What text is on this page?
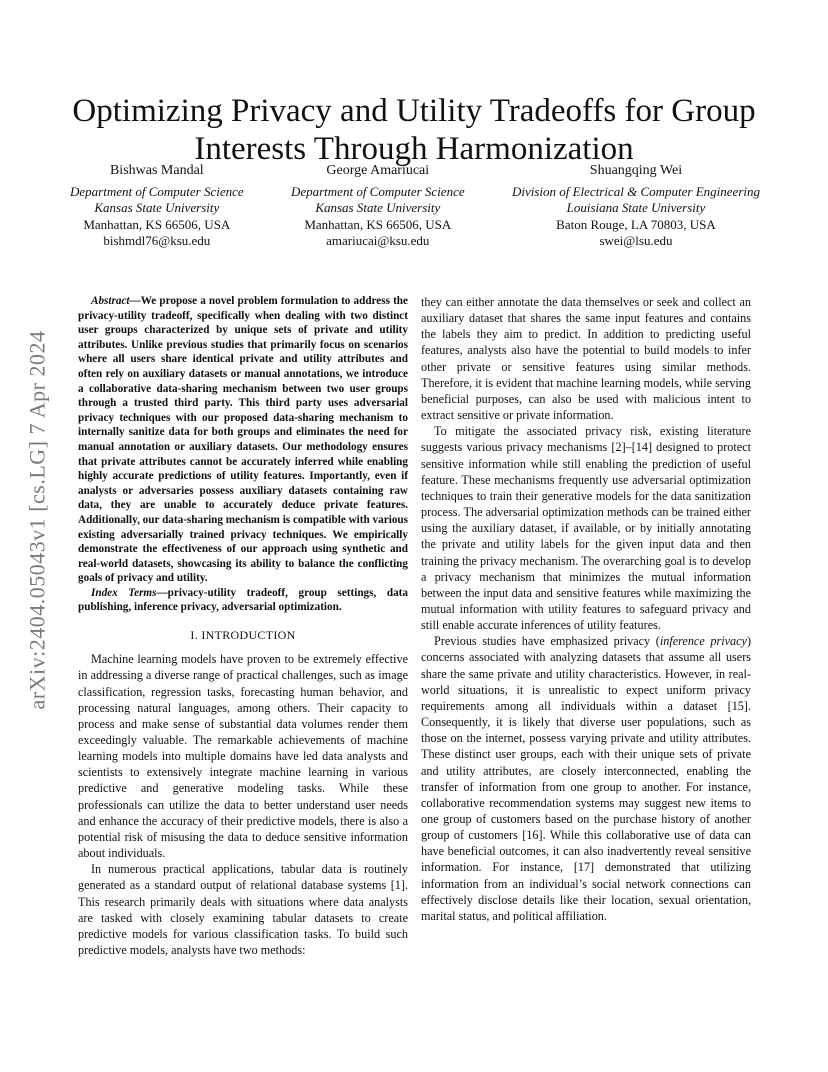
arXiv:2404.05043v1 [cs.LG] 7 Apr 2024
Optimizing Privacy and Utility Tradeoffs for Group Interests Through Harmonization
Bishwas Mandal
Department of Computer Science
Kansas State University
Manhattan, KS 66506, USA
bishmdl76@ksu.edu
George Amariucai
Department of Computer Science
Kansas State University
Manhattan, KS 66506, USA
amariucai@ksu.edu
Shuangqing Wei
Division of Electrical & Computer Engineering
Louisiana State University
Baton Rouge, LA 70803, USA
swei@lsu.edu

Abstract—We propose a novel problem formulation to address the privacy-utility tradeoff, specifically when dealing with two distinct user groups characterized by unique sets of private and utility attributes. Unlike previous studies that primarily focus on scenarios where all users share identical private and utility attributes and often rely on auxiliary datasets or manual annotations, we introduce a collaborative data-sharing mechanism between two user groups through a trusted third party. This third party uses adversarial privacy techniques with our proposed data-sharing mechanism to internally sanitize data for both groups and eliminates the need for manual annotation or auxiliary datasets. Our methodology ensures that private attributes cannot be accurately inferred while enabling highly accurate predictions of utility features. Importantly, even if analysts or adversaries possess auxiliary datasets containing raw data, they are unable to accurately deduce private features. Additionally, our data-sharing mechanism is compatible with various existing adversarially trained privacy techniques. We empirically demonstrate the effectiveness of our approach using synthetic and real-world datasets, showcasing its ability to balance the conflicting goals of privacy and utility.

Index Terms—privacy-utility tradeoff, group settings, data publishing, inference privacy, adversarial optimization.

I. INTRODUCTION

Machine learning models have proven to be extremely effective in addressing a diverse range of practical challenges, such as image classification, regression tasks, forecasting human behavior, and processing natural languages, among others. Their capacity to process and make sense of substantial data volumes render them exceedingly valuable. The remarkable achievements of machine learning models into multiple domains have led data analysts and scientists to extensively integrate machine learning in various predictive and generative modeling tasks. While these professionals can utilize the data to better understand user needs and enhance the accuracy of their predictive models, there is also a potential risk of misusing the data to deduce sensitive information about individuals.

In numerous practical applications, tabular data is routinely generated as a standard output of relational database systems [1]. This research primarily deals with situations where data analysts are tasked with closely examining tabular datasets to create predictive models for various classification tasks. To build such predictive models, analysts have two methods:

they can either annotate the data themselves or seek and collect an auxiliary dataset that shares the same input features and contains the labels they aim to predict. In addition to predicting useful features, analysts also have the potential to build models to infer other private or sensitive features using similar methods. Therefore, it is evident that machine learning models, while serving beneficial purposes, can also be used with malicious intent to extract sensitive or private information.

To mitigate the associated privacy risk, existing literature suggests various privacy mechanisms [2]–[14] designed to protect sensitive information while still enabling the prediction of useful feature. These mechanisms frequently use adversarial optimization techniques to train their generative models for the data sanitization process. The adversarial optimization methods can be trained either using the auxiliary dataset, if available, or by initially annotating the private and utility labels for the given input data and then training the privacy mechanism. The overarching goal is to develop a privacy mechanism that minimizes the mutual information between the input data and sensitive features while maximizing the mutual information with utility features to safeguard privacy and still enable accurate inferences of utility features.

Previous studies have emphasized privacy (inference privacy) concerns associated with analyzing datasets that assume all users share the same private and utility characteristics. However, in real-world situations, it is unrealistic to expect uniform privacy requirements among all individuals within a dataset [15]. Consequently, it is likely that diverse user populations, such as those on the internet, possess varying private and utility attributes. These distinct user groups, each with their unique sets of private and utility attributes, are closely interconnected, enabling the transfer of information from one group to another. For instance, collaborative recommendation systems may suggest new items to one group of customers based on the purchase history of another group of customers [16]. While this collaborative use of data can have beneficial outcomes, it can also inadvertently reveal sensitive information. For instance, [17] demonstrated that utilizing information from an individual’s social network connections can effectively disclose details like their location, sexual orientation, marital status, and political affiliation.
